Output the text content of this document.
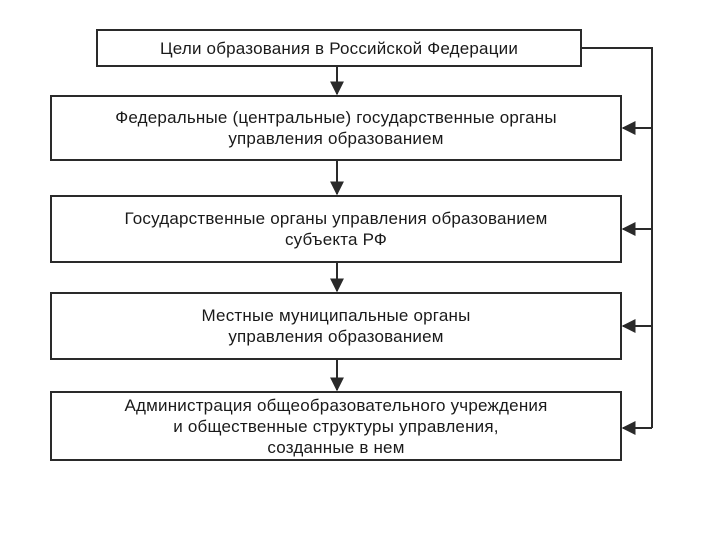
Цели образования в Российской Федерации
Федеральные (центральные) государственные органы
управления образованием
Государственные органы управления образованием
субъекта РФ
Местные муниципальные органы
управления образованием
Администрация общеобразовательного учреждения
и общественные структуры управления,
созданные в нем
